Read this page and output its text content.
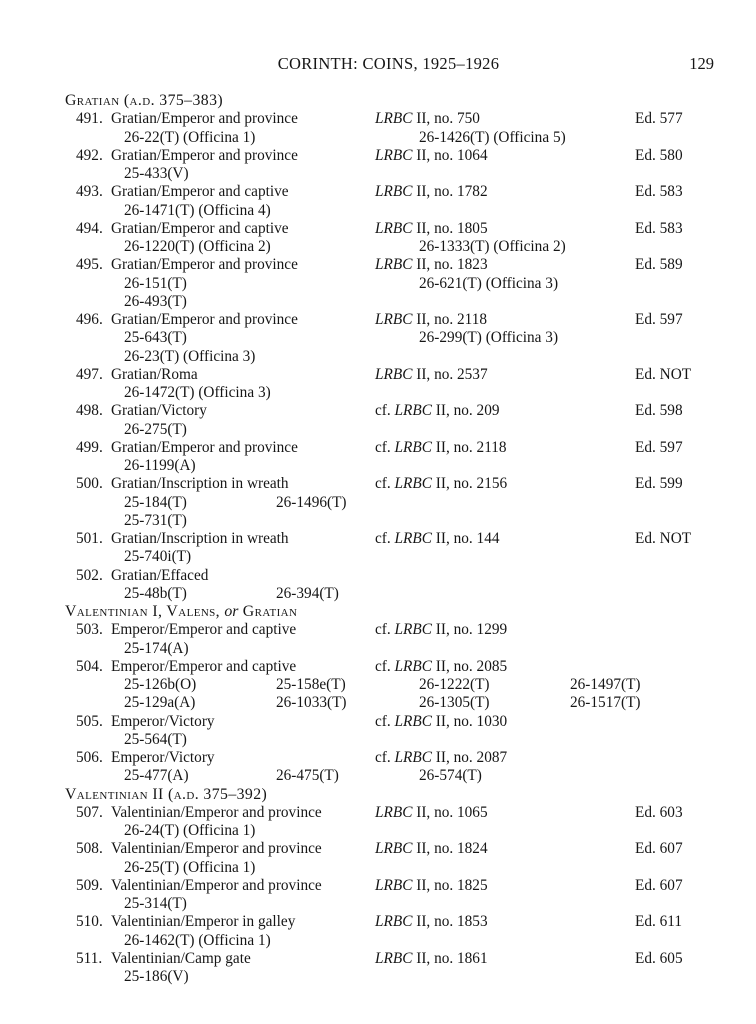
CORINTH: COINS, 1925–1926	129
Gratian (a.d. 375–383)
491. Gratian/Emperor and province	LRBC II, no. 750	Ed. 577
26-22(T) (Officina 1)	26-1426(T) (Officina 5)
492. Gratian/Emperor and province	LRBC II, no. 1064	Ed. 580
25-433(V)
493. Gratian/Emperor and captive	LRBC II, no. 1782	Ed. 583
26-1471(T) (Officina 4)
494. Gratian/Emperor and captive	LRBC II, no. 1805	Ed. 583
26-1220(T) (Officina 2)	26-1333(T) (Officina 2)
495. Gratian/Emperor and province	LRBC II, no. 1823	Ed. 589
26-151(T)	26-621(T) (Officina 3)
26-493(T)
496. Gratian/Emperor and province	LRBC II, no. 2118	Ed. 597
25-643(T)	26-299(T) (Officina 3)
26-23(T) (Officina 3)
497. Gratian/Roma	LRBC II, no. 2537	Ed. NOT
26-1472(T) (Officina 3)
498. Gratian/Victory	cf. LRBC II, no. 209	Ed. 598
26-275(T)
499. Gratian/Emperor and province	cf. LRBC II, no. 2118	Ed. 597
26-1199(A)
500. Gratian/Inscription in wreath	cf. LRBC II, no. 2156	Ed. 599
25-184(T)	26-1496(T)
25-731(T)
501. Gratian/Inscription in wreath	cf. LRBC II, no. 144	Ed. NOT
25-740i(T)
502. Gratian/Effaced
25-48b(T)	26-394(T)
Valentinian I, Valens, or Gratian
503. Emperor/Emperor and captive	cf. LRBC II, no. 1299
25-174(A)
504. Emperor/Emperor and captive	cf. LRBC II, no. 2085
25-126b(O)	25-158e(T)	26-1222(T)	26-1497(T)
25-129a(A)	26-1033(T)	26-1305(T)	26-1517(T)
505. Emperor/Victory	cf. LRBC II, no. 1030
25-564(T)
506. Emperor/Victory	cf. LRBC II, no. 2087
25-477(A)	26-475(T)	26-574(T)
Valentinian II (a.d. 375–392)
507. Valentinian/Emperor and province	LRBC II, no. 1065	Ed. 603
26-24(T) (Officina 1)
508. Valentinian/Emperor and province	LRBC II, no. 1824	Ed. 607
26-25(T) (Officina 1)
509. Valentinian/Emperor and province	LRBC II, no. 1825	Ed. 607
25-314(T)
510. Valentinian/Emperor in galley	LRBC II, no. 1853	Ed. 611
26-1462(T) (Officina 1)
511. Valentinian/Camp gate	LRBC II, no. 1861	Ed. 605
25-186(V)
